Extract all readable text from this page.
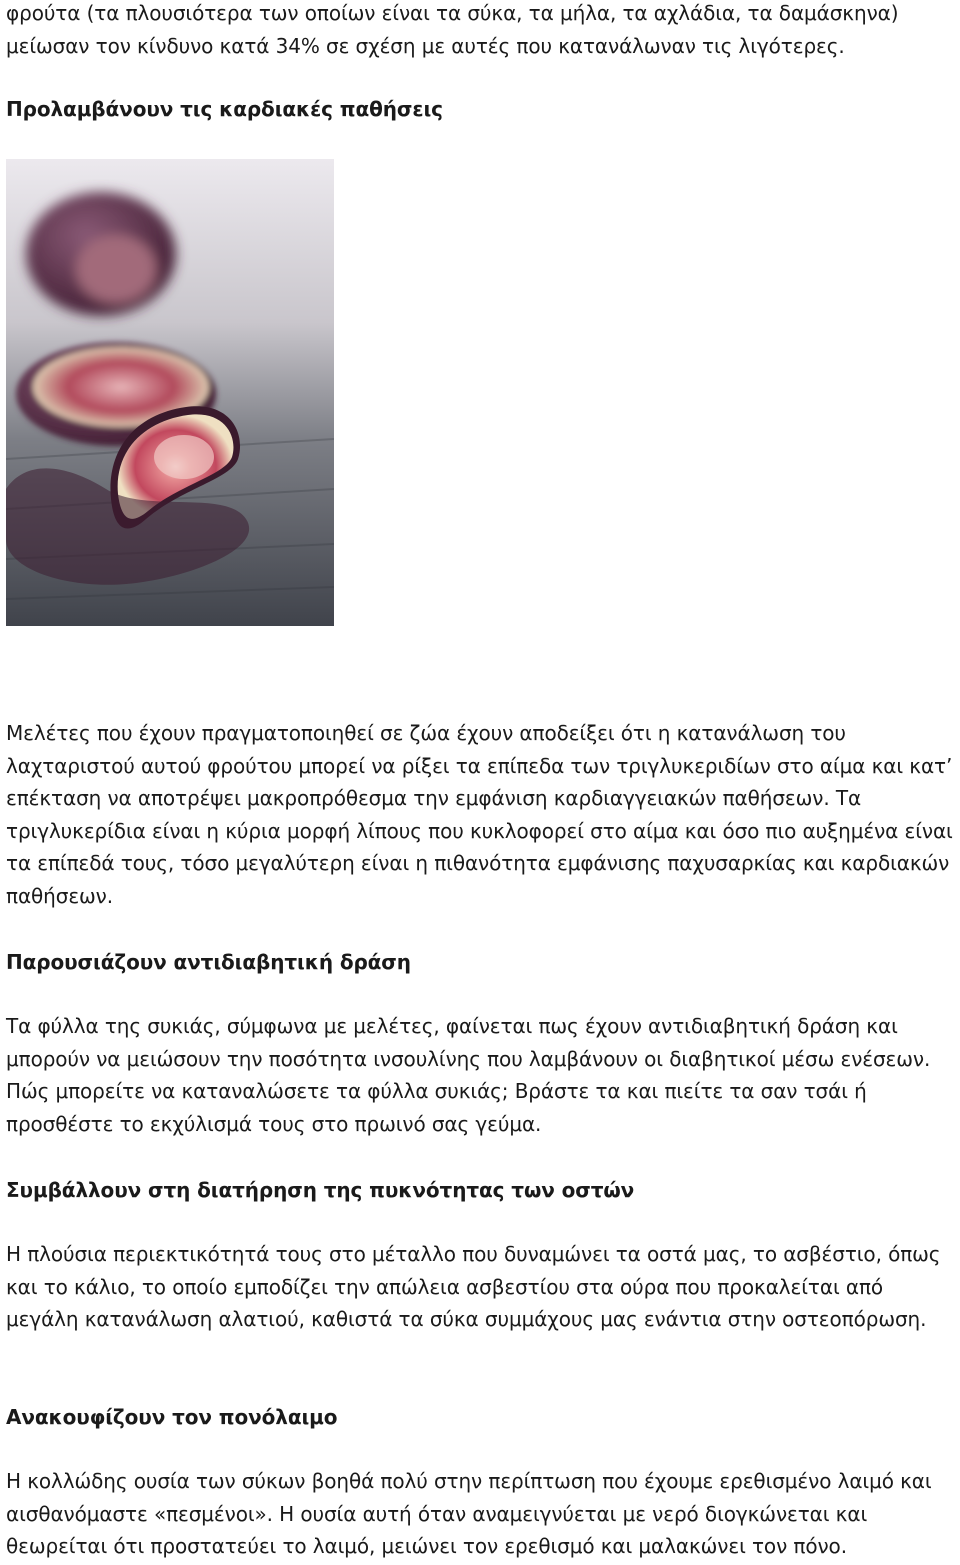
φρούτα (τα πλουσιότερα των οποίων είναι τα σύκα, τα μήλα, τα αχλάδια, τα δαμάσκηνα) μείωσαν τον κίνδυνο κατά 34% σε σχέση με αυτές που κατανάλωναν τις λιγότερες.

Προλαμβάνουν τις καρδιακές παθήσεις

Μελέτες που έχουν πραγματοποιηθεί σε ζώα έχουν αποδείξει ότι η κατανάλωση του λαχταριστού αυτού φρούτου μπορεί να ρίξει τα επίπεδα των τριγλυκεριδίων στο αίμα και κατ’ επέκταση να αποτρέψει μακροπρόθεσμα την εμφάνιση καρδιαγγειακών παθήσεων. Τα τριγλυκερίδια είναι η κύρια μορφή λίπους που κυκλοφορεί στο αίμα και όσο πιο αυξημένα είναι τα επίπεδά τους, τόσο μεγαλύτερη είναι η πιθανότητα εμφάνισης παχυσαρκίας και καρδιακών παθήσεων.

Παρουσιάζουν αντιδιαβητική δράση

Τα φύλλα της συκιάς, σύμφωνα με μελέτες, φαίνεται πως έχουν αντιδιαβητική δράση και μπορούν να μειώσουν την ποσότητα ινσουλίνης που λαμβάνουν οι διαβητικοί μέσω ενέσεων. Πώς μπορείτε να καταναλώσετε τα φύλλα συκιάς; Βράστε τα και πιείτε τα σαν τσάι ή προσθέστε το εκχύλισμά τους στο πρωινό σας γεύμα.

Συμβάλλουν στη διατήρηση της πυκνότητας των οστών

Η πλούσια περιεκτικότητά τους στο μέταλλο που δυναμώνει τα οστά μας, το ασβέστιο, όπως και το κάλιο, το οποίο εμποδίζει την απώλεια ασβεστίου στα ούρα που προκαλείται από μεγάλη κατανάλωση αλατιού, καθιστά τα σύκα συμμάχους μας ενάντια στην οστεοπόρωση.

Ανακουφίζουν τον πονόλαιμο

Η κολλώδης ουσία των σύκων βοηθά πολύ στην περίπτωση που έχουμε ερεθισμένο λαιμό και αισθανόμαστε «πεσμένοι». Η ουσία αυτή όταν αναμειγνύεται με νερό διογκώνεται και θεωρείται ότι προστατεύει το λαιμό, μειώνει τον ερεθισμό και μαλακώνει τον πόνο.
